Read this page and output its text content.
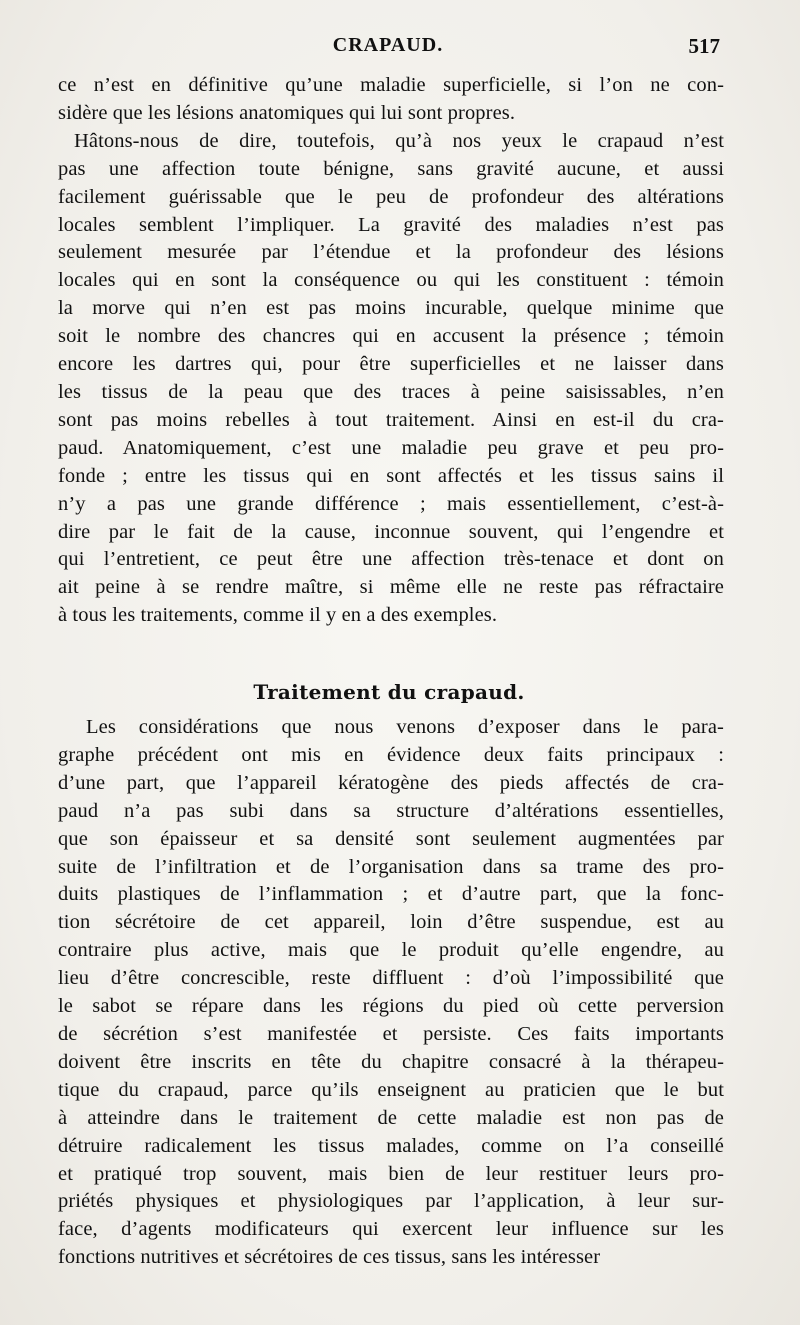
CRAPAUD.	517
ce n’est en définitive qu’une maladie superficielle, si l’on ne con-
sidère que les lésions anatomiques qui lui sont propres.
Hâtons-nous de dire, toutefois, qu’à nos yeux le crapaud n’est
pas une affection toute bénigne, sans gravité aucune, et aussi
facilement guérissable que le peu de profondeur des altérations
locales semblent l’impliquer. La gravité des maladies n’est pas
seulement mesurée par l’étendue et la profondeur des lésions
locales qui en sont la conséquence ou qui les constituent : témoin
la morve qui n’en est pas moins incurable, quelque minime que
soit le nombre des chancres qui en accusent la présence ; témoin
encore les dartres qui, pour être superficielles et ne laisser dans
les tissus de la peau que des traces à peine saisissables, n’en
sont pas moins rebelles à tout traitement. Ainsi en est-il du cra-
paud. Anatomiquement, c’est une maladie peu grave et peu pro-
fonde ; entre les tissus qui en sont affectés et les tissus sains il
n’y a pas une grande différence ; mais essentiellement, c’est-à-
dire par le fait de la cause, inconnue souvent, qui l’engendre et
qui l’entretient, ce peut être une affection très-tenace et dont on
ait peine à se rendre maître, si même elle ne reste pas réfractaire
à tous les traitements, comme il y en a des exemples.
Traitement du crapaud.
Les considérations que nous venons d’exposer dans le para-
graphe précédent ont mis en évidence deux faits principaux :
d’une part, que l’appareil kératogène des pieds affectés de cra-
paud n’a pas subi dans sa structure d’altérations essentielles,
que son épaisseur et sa densité sont seulement augmentées par
suite de l’infiltration et de l’organisation dans sa trame des pro-
duits plastiques de l’inflammation ; et d’autre part, que la fonc-
tion sécrétoire de cet appareil, loin d’être suspendue, est au
contraire plus active, mais que le produit qu’elle engendre, au
lieu d’être concrescible, reste diffluent : d’où l’impossibilité que
le sabot se répare dans les régions du pied où cette perversion
de sécrétion s’est manifestée et persiste. Ces faits importants
doivent être inscrits en tête du chapitre consacré à la thérapeu-
tique du crapaud, parce qu’ils enseignent au praticien que le but
à atteindre dans le traitement de cette maladie est non pas de
détruire radicalement les tissus malades, comme on l’a conseillé
et pratiqué trop souvent, mais bien de leur restituer leurs pro-
priétés physiques et physiologiques par l’application, à leur sur-
face, d’agents modificateurs qui exercent leur influence sur les
fonctions nutritives et sécrétoires de ces tissus, sans les intéresser
